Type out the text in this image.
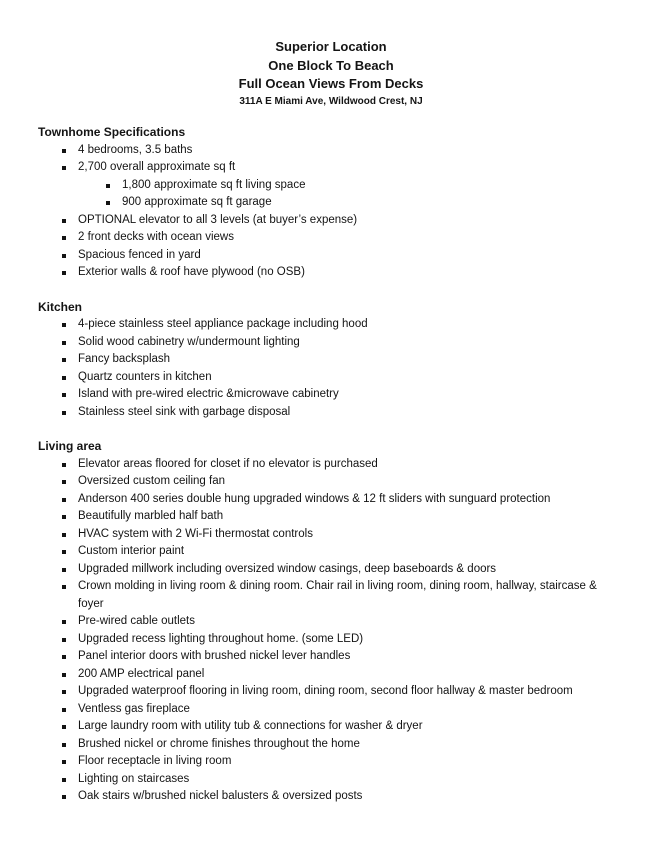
Superior Location
One Block To Beach
Full Ocean Views From Decks
311A E Miami Ave, Wildwood Crest, NJ
Townhome Specifications
4 bedrooms, 3.5 baths
2,700 overall approximate sq ft
1,800 approximate sq ft living space
900 approximate sq ft garage
OPTIONAL elevator to all 3 levels (at buyer’s expense)
2 front decks with ocean views
Spacious fenced in yard
Exterior walls & roof have plywood (no OSB)
Kitchen
4-piece stainless steel appliance package including hood
Solid wood cabinetry w/undermount lighting
Fancy backsplash
Quartz counters in kitchen
Island with pre-wired electric &microwave cabinetry
Stainless steel sink with garbage disposal
Living area
Elevator areas floored for closet if no elevator is purchased
Oversized custom ceiling fan
Anderson 400 series double hung upgraded windows & 12 ft sliders with sunguard protection
Beautifully marbled half bath
HVAC system with 2 Wi-Fi thermostat controls
Custom interior paint
Upgraded millwork including oversized window casings, deep baseboards & doors
Crown molding in living room & dining room. Chair rail in living room, dining room, hallway, staircase & foyer
Pre-wired cable outlets
Upgraded recess lighting throughout home. (some LED)
Panel interior doors with brushed nickel lever handles
200 AMP electrical panel
Upgraded waterproof flooring in living room, dining room, second floor hallway & master bedroom
Ventless gas fireplace
Large laundry room with utility tub & connections for washer & dryer
Brushed nickel or chrome finishes throughout the home
Floor receptacle in living room
Lighting on staircases
Oak stairs w/brushed nickel balusters & oversized posts
